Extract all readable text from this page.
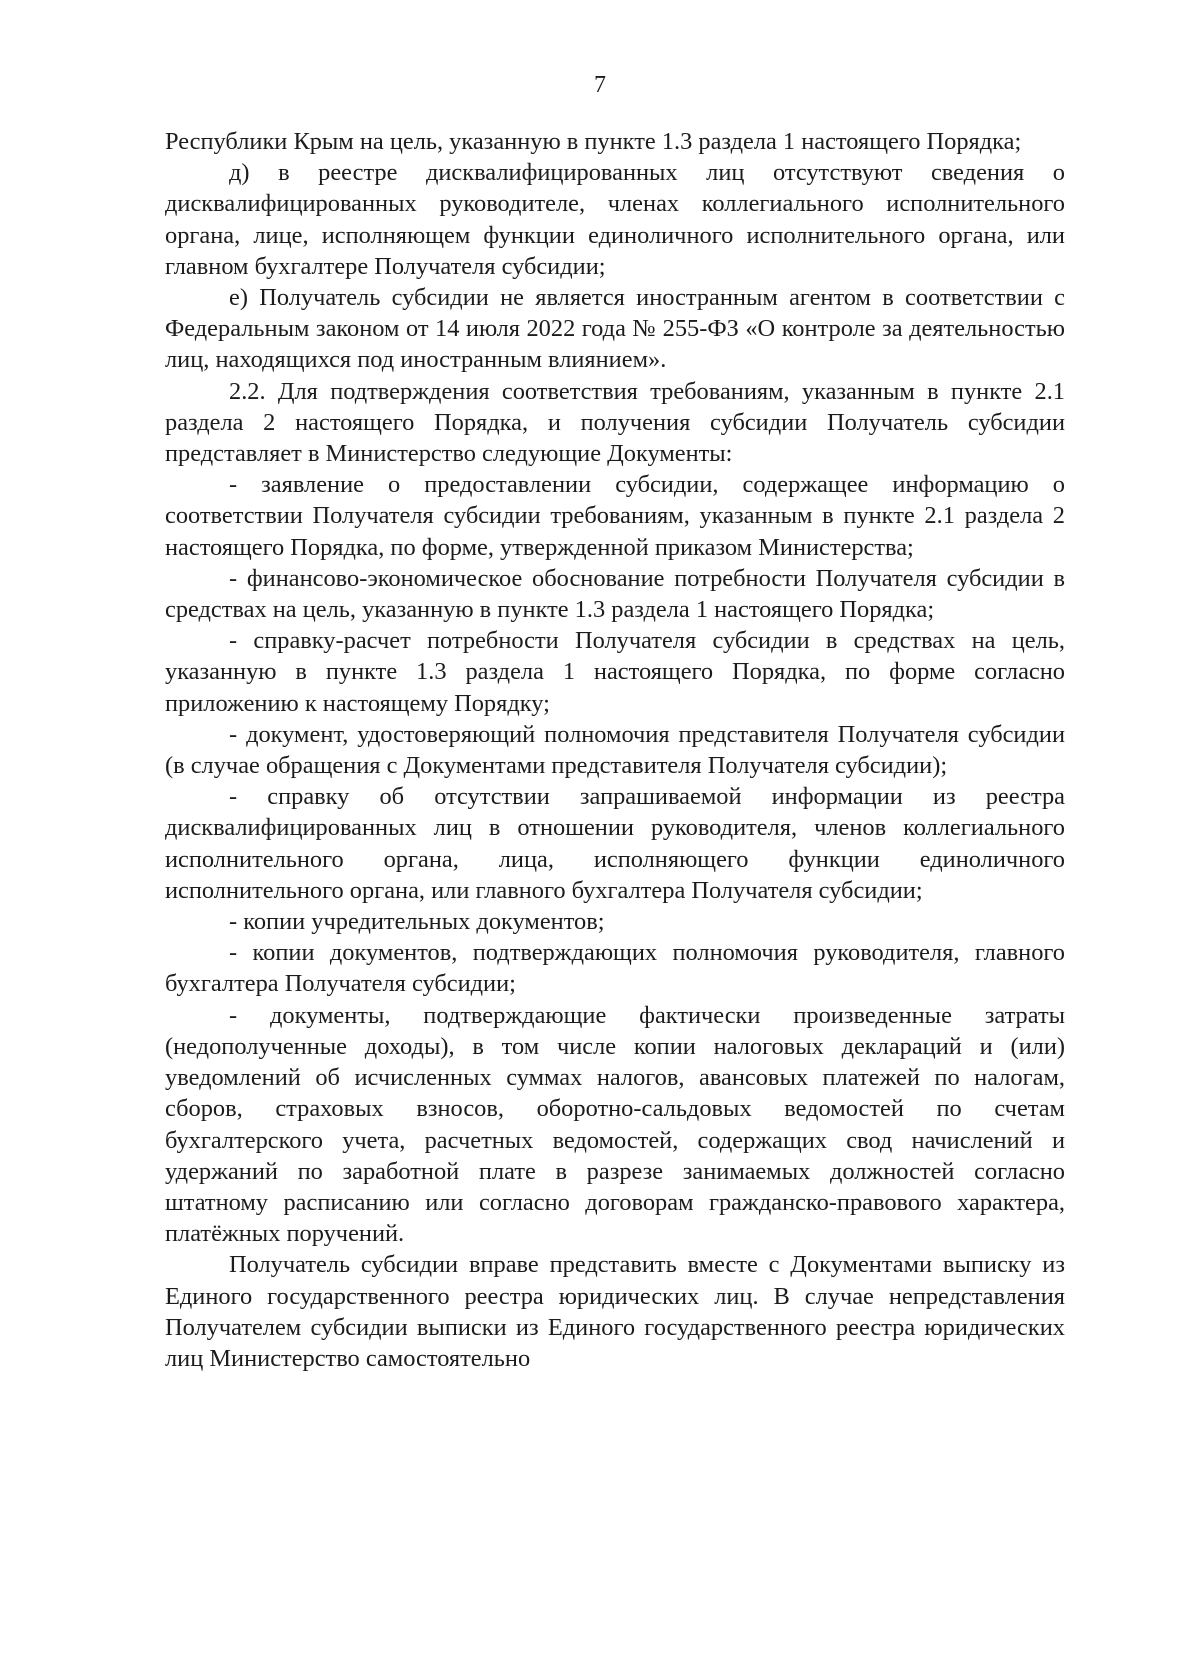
7

Республики Крым на цель, указанную в пункте 1.3 раздела 1 настоящего Порядка;

д) в реестре дисквалифицированных лиц отсутствуют сведения о дисквалифицированных руководителе, членах коллегиального исполнительного органа, лице, исполняющем функции единоличного исполнительного органа, или главном бухгалтере Получателя субсидии;

е) Получатель субсидии не является иностранным агентом в соответствии с Федеральным законом от 14 июля 2022 года № 255-ФЗ «О контроле за деятельностью лиц, находящихся под иностранным влиянием».

2.2. Для подтверждения соответствия требованиям, указанным в пункте 2.1 раздела 2 настоящего Порядка, и получения субсидии Получатель субсидии представляет в Министерство следующие Документы:

- заявление о предоставлении субсидии, содержащее информацию о соответствии Получателя субсидии требованиям, указанным в пункте 2.1 раздела 2 настоящего Порядка, по форме, утвержденной приказом Министерства;

- финансово-экономическое обоснование потребности Получателя субсидии в средствах на цель, указанную в пункте 1.3 раздела 1 настоящего Порядка;

- справку-расчет потребности Получателя субсидии в средствах на цель, указанную в пункте 1.3 раздела 1 настоящего Порядка, по форме согласно приложению к настоящему Порядку;

- документ, удостоверяющий полномочия представителя Получателя субсидии (в случае обращения с Документами представителя Получателя субсидии);

- справку об отсутствии запрашиваемой информации из реестра дисквалифицированных лиц в отношении руководителя, членов коллегиального исполнительного органа, лица, исполняющего функции единоличного исполнительного органа, или главного бухгалтера Получателя субсидии;

- копии учредительных документов;

- копии документов, подтверждающих полномочия руководителя, главного бухгалтера Получателя субсидии;

- документы, подтверждающие фактически произведенные затраты (недополученные доходы), в том числе копии налоговых деклараций и (или) уведомлений об исчисленных суммах налогов, авансовых платежей по налогам, сборов, страховых взносов, оборотно-сальдовых ведомостей по счетам бухгалтерского учета, расчетных ведомостей, содержащих свод начислений и удержаний по заработной плате в разрезе занимаемых должностей согласно штатному расписанию или согласно договорам гражданско-правового характера, платёжных поручений.

Получатель субсидии вправе представить вместе с Документами выписку из Единого государственного реестра юридических лиц. В случае непредставления Получателем субсидии выписки из Единого государственного реестра юридических лиц Министерство самостоятельно
